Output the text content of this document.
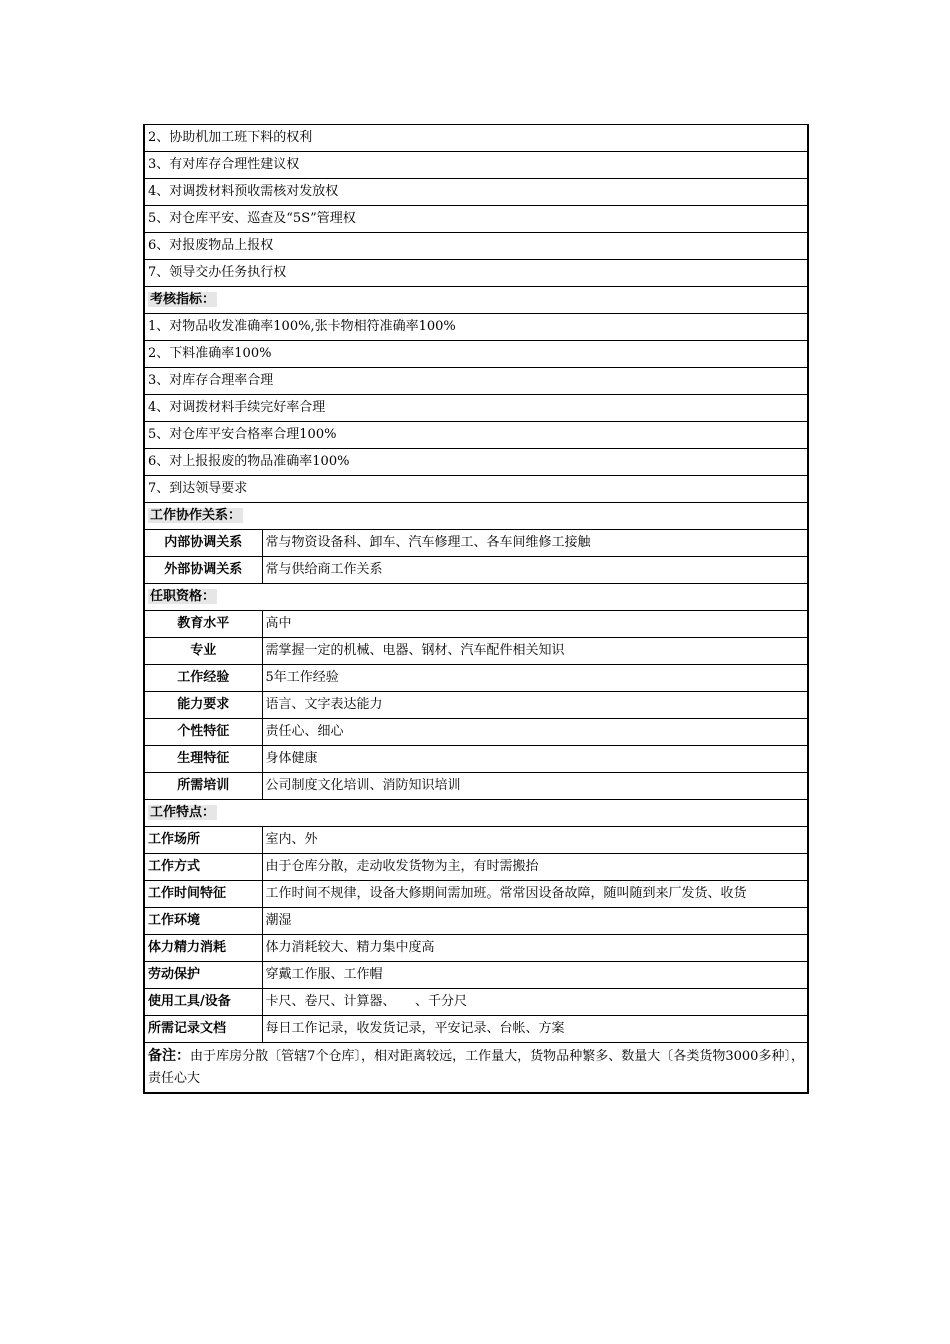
2、协助机加工班下料的权利	
3、有对库存合理性建议权	
4、对调拨材料预收需核对发放权	
5、对仓库平安、巡查及“5S”管理权	
6、对报废物品上报权	
7、领导交办任务执行权	
考核指标：	
1、对物品收发准确率100%,张卡物相符准确率100%	
2、下料准确率100%	
3、对库存合理率合理	
4、对调拨材料手续完好率合理	
5、对仓库平安合格率合理100%	
6、对上报报废的物品准确率100%	
7、到达领导要求	
工作协作关系：	
内部协调关系	常与物资设备科、卸车、汽车修理工、各车间维修工接触
外部协调关系	常与供给商工作关系
任职资格：	
教育水平	高中
专业	需掌握一定的机械、电器、钢材、汽车配件相关知识
工作经验	5年工作经验
能力要求	语言、文字表达能力
个性特征	责任心、细心
生理特征	身体健康
所需培训	公司制度文化培训、消防知识培训
工作特点：	
工作场所	室内、外
工作方式	由于仓库分散，走动收发货物为主，有时需搬抬
工作时间特征	工作时间不规律，设备大修期间需加班。常常因设备故障，随叫随到来厂发货、收货
工作环境	潮湿
体力精力消耗	体力消耗较大、精力集中度高
劳动保护	穿戴工作服、工作帽
使用工具/设备	卡尺、卷尺、计算器、　　、千分尺
所需记录文档	每日工作记录，收发货记录，平安记录、台帐、方案
备注：由于库房分散〔管辖7个仓库〕，相对距离较远，工作量大，货物品种繁多、数量大〔各类货物3000多种〕，责任心大	
